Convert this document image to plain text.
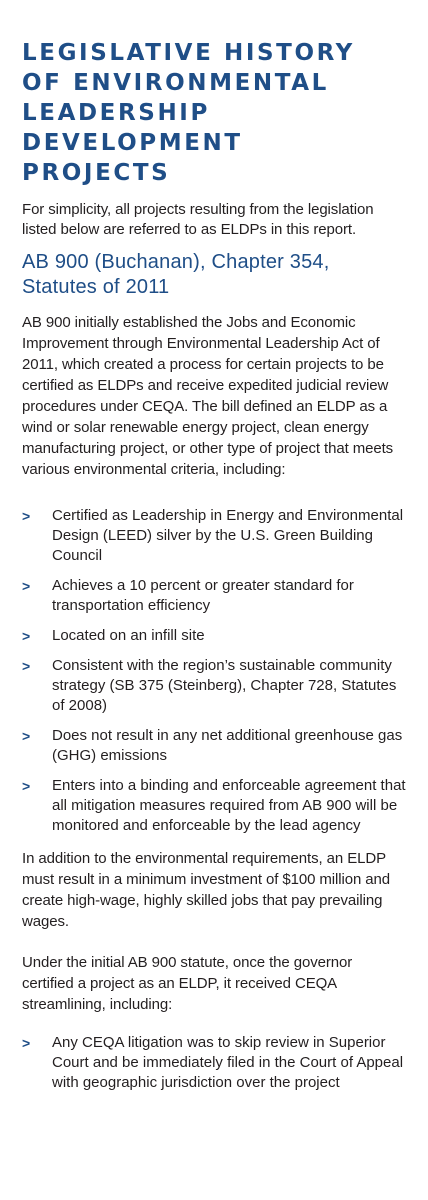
LEGISLATIVE HISTORY
OF ENVIRONMENTAL
LEADERSHIP DEVELOPMENT
PROJECTS

For simplicity, all projects resulting from the legislation listed below are referred to as ELDPs in this report.

AB 900 (Buchanan), Chapter 354,
Statutes of 2011

AB 900 initially established the Jobs and Economic Improvement through Environmental Leadership Act of 2011, which created a process for certain projects to be certified as ELDPs and receive expedited judicial review procedures under CEQA. The bill defined an ELDP as a wind or solar renewable energy project, clean energy manufacturing project, or other type of project that meets various environmental criteria, including:

>	Certified as Leadership in Energy and Environmental Design (LEED) silver by the U.S. Green Building Council
>	Achieves a 10 percent or greater standard for transportation efficiency
>	Located on an infill site
>	Consistent with the region’s sustainable community strategy (SB 375 (Steinberg), Chapter 728, Statutes of 2008)
>	Does not result in any net additional greenhouse gas (GHG) emissions
>	Enters into a binding and enforceable agreement that all mitigation measures required from AB 900 will be monitored and enforceable by the lead agency

In addition to the environmental requirements, an ELDP must result in a minimum investment of $100 million and create high-wage, highly skilled jobs that pay prevailing wages.

Under the initial AB 900 statute, once the governor certified a project as an ELDP, it received CEQA streamlining, including:

>	Any CEQA litigation was to skip review in Superior Court and be immediately filed in the Court of Appeal with geographic jurisdiction over the project
